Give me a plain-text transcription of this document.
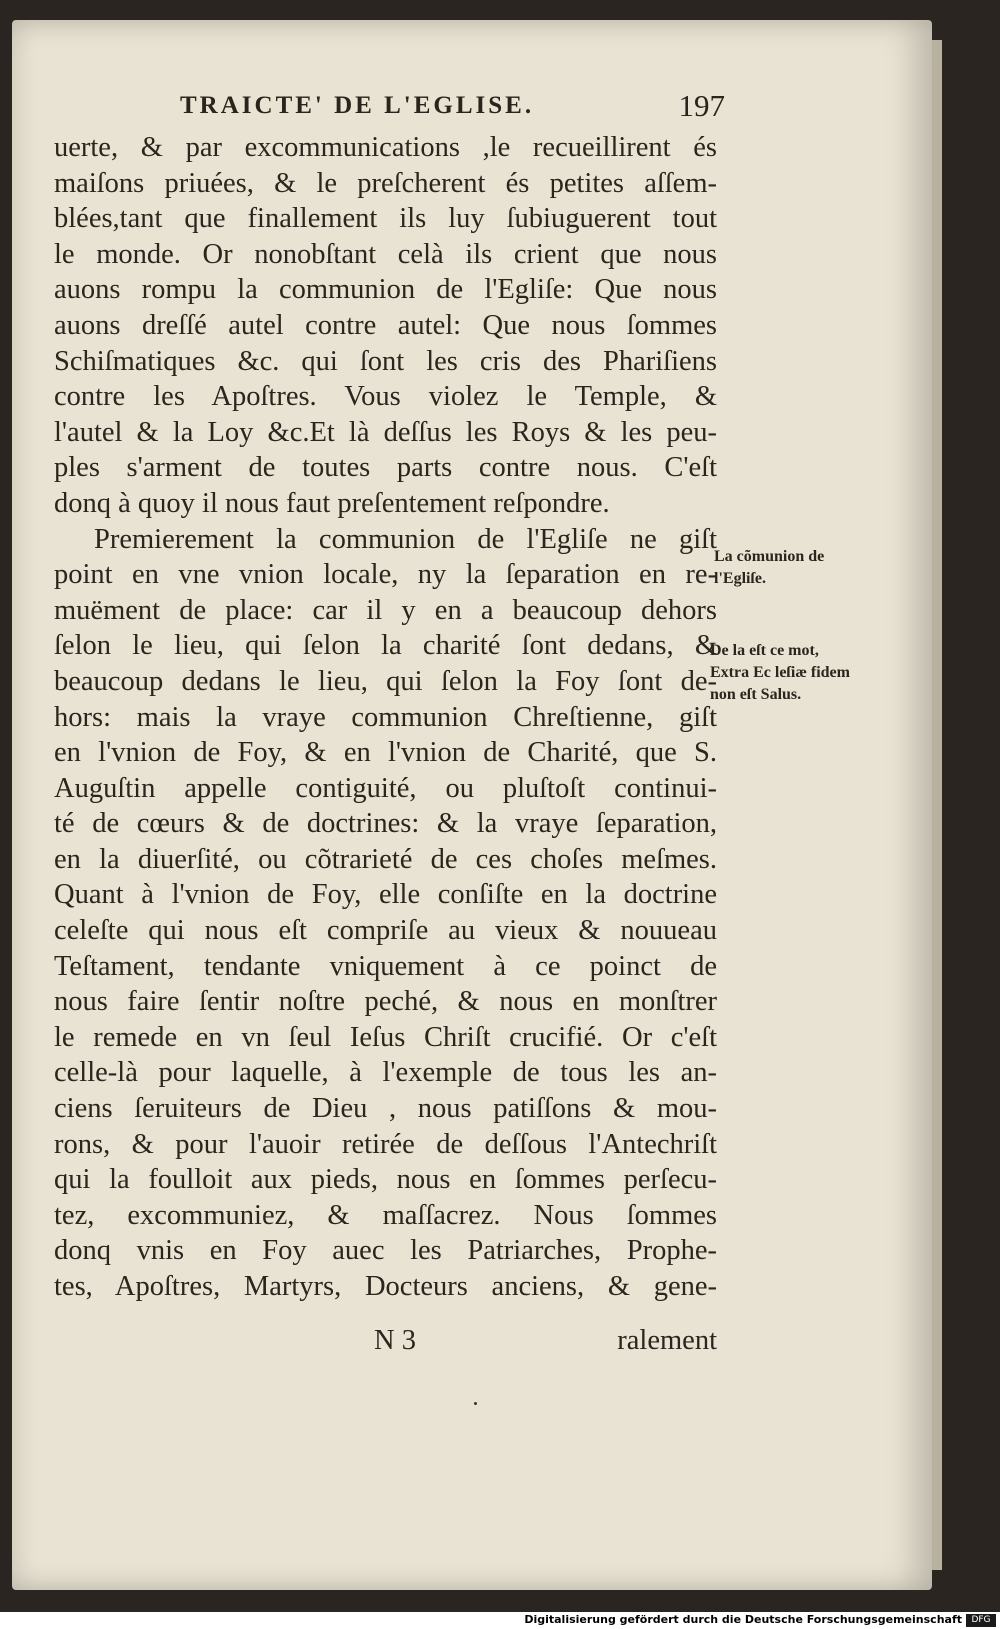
TRAICTE' DE L'EGLISE.	197
uerte, & par excommunications ,le recueillirent és
maiſons priuées, & le preſcherent és petites aſſem-
blées,tant que finallement ils luy ſubiuguerent tout
le monde. Or nonobſtant celà ils crient que nous
auons rompu la communion de l'Egliſe: Que nous
auons dreſſé autel contre autel: Que nous ſommes
Schiſmatiques &c. qui ſont les cris des Phariſiens
contre les Apoſtres. Vous violez le Temple, &
l'autel & la Loy &c.Et là deſſus les Roys & les peu-
ples s'arment de toutes parts contre nous. C'eſt
donq à quoy il nous faut preſentement reſpondre.
Premierement la communion de l'Egliſe ne giſt
point en vne vnion locale, ny la ſeparation en re-
muëment de place: car il y en a beaucoup dehors
ſelon le lieu, qui ſelon la charité ſont dedans, &
beaucoup dedans le lieu, qui ſelon la Foy ſont de-
hors: mais la vraye communion Chreſtienne, giſt
en l'vnion de Foy, & en l'vnion de Charité, que S.
Auguſtin appelle contiguité, ou pluſtoſt continui-
té de cœurs & de doctrines: & la vraye ſeparation,
en la diuerſité, ou cõtrarieté de ces choſes meſmes.
Quant à l'vnion de Foy, elle conſiſte en la doctrine
celeſte qui nous eſt compriſe au vieux & nouueau
Teſtament, tendante vniquement à ce poinct de
nous faire ſentir noſtre peché, & nous en monſtrer
le remede en vn ſeul Ieſus Chriſt crucifié. Or c'eſt
celle-là pour laquelle, à l'exemple de tous les an-
ciens ſeruiteurs de Dieu , nous patiſſons & mou-
rons, & pour l'auoir retirée de deſſous l'Antechriſt
qui la foulloit aux pieds, nous en ſommes perſecu-
tez, excommuniez, & maſſacrez. Nous ſommes
donq vnis en Foy auec les Patriarches, Prophe-
tes, Apoſtres, Martyrs, Docteurs anciens, & gene-
La cõmunion de l'Egliſe.
De la eſt ce mot, Extra Ec leſiæ fidem non eſt Salus.
N 3	ralement
Digitalisierung gefördert durch die Deutsche Forschungsgemeinschaft	DFG
